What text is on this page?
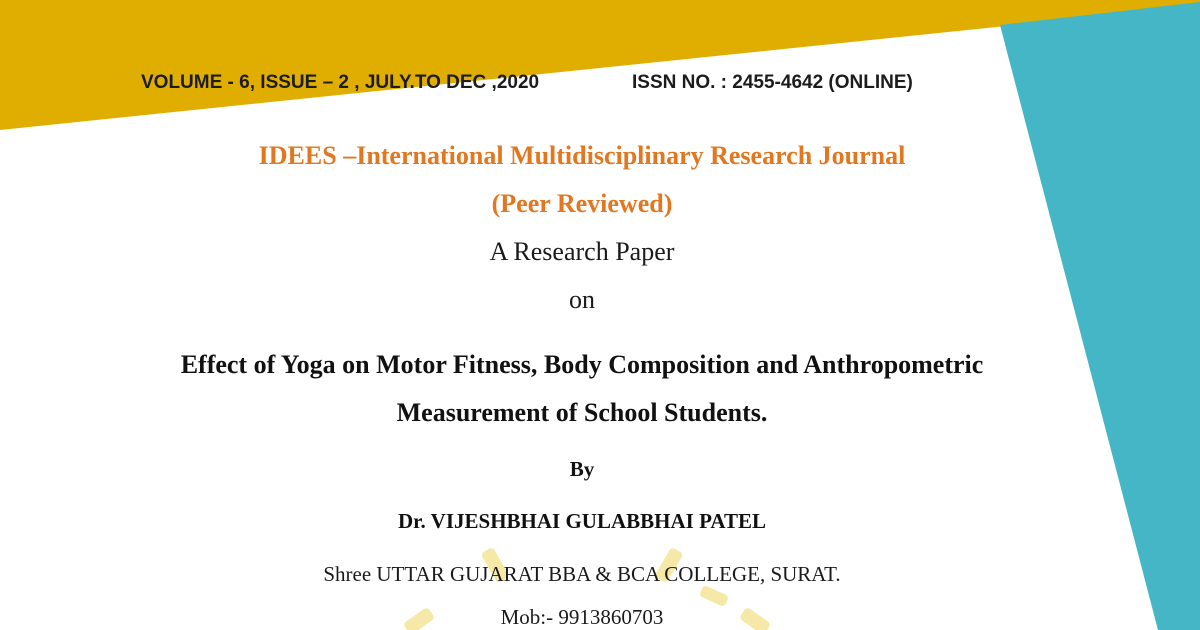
VOLUME - 6, ISSUE – 2 , JULY.TO DEC ,2020	ISSN NO. : 2455-4642 (ONLINE)
IDEES –International Multidisciplinary Research Journal
(Peer Reviewed)
A Research Paper
on
Effect of Yoga on Motor Fitness, Body Composition and Anthropometric
Measurement of School Students.
By
Dr. VIJESHBHAI GULABBHAI PATEL
Shree UTTAR GUJARAT BBA & BCA COLLEGE, SURAT.
Mob:- 9913860703
